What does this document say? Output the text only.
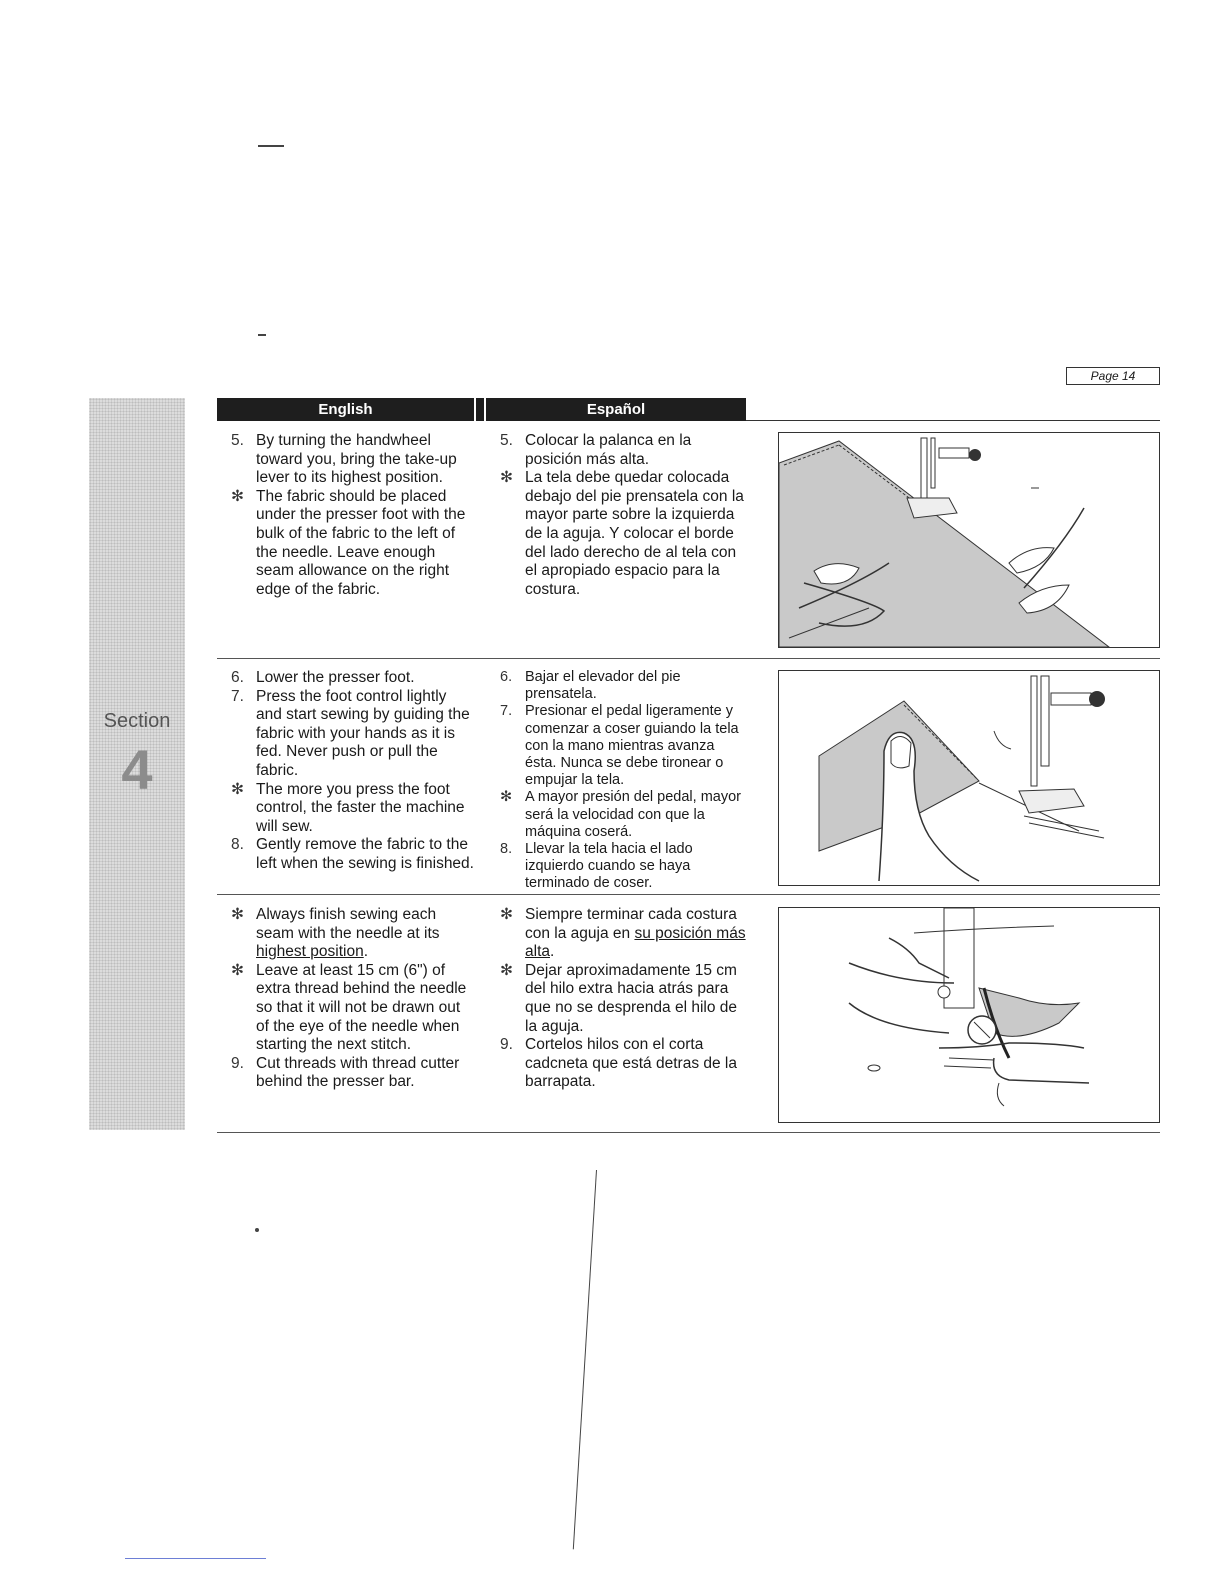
Page 14
Section
4
English	Español
5. By turning the handwheel toward you, bring the take-up lever to its highest position.
✻ The fabric should be placed under the presser foot with the bulk of the fabric to the left of the needle. Leave enough seam allowance on the right edge of the fabric.
5. Colocar la palanca en la posición más alta.
✻ La tela debe quedar colocada debajo del pie prensatela con la mayor parte sobre la izquierda de la aguja. Y colocar el borde del lado derecho de al tela con el apropiado espacio para la costura.
6. Lower the presser foot.
7. Press the foot control lightly and start sewing by guiding the fabric with your hands as it is fed. Never push or pull the fabric.
✻ The more you press the foot control, the faster the machine will sew.
8. Gently remove the fabric to the left when the sewing is finished.
6. Bajar el elevador del pie prensatela.
7. Presionar el pedal ligeramente y comenzar a coser guiando la tela con la mano mientras avanza ésta. Nunca se debe tironear o empujar la tela.
✻ A mayor presión del pedal, mayor será la velocidad con que la máquina coserá.
8. Llevar la tela hacia el lado izquierdo cuando se haya terminado de coser.
✻ Always finish sewing each seam with the needle at its highest position.
✻ Leave at least 15 cm (6") of extra thread behind the needle so that it will not be drawn out of the eye of the needle when starting the next stitch.
9. Cut threads with thread cutter behind the presser bar.
✻ Siempre terminar cada costura con la aguja en su posición más alta.
✻ Dejar aproximadamente 15 cm del hilo extra hacia atrás para que no se desprenda el hilo de la aguja.
9. Cortelos hilos con el corta cadcneta que está detras de la barrapata.
